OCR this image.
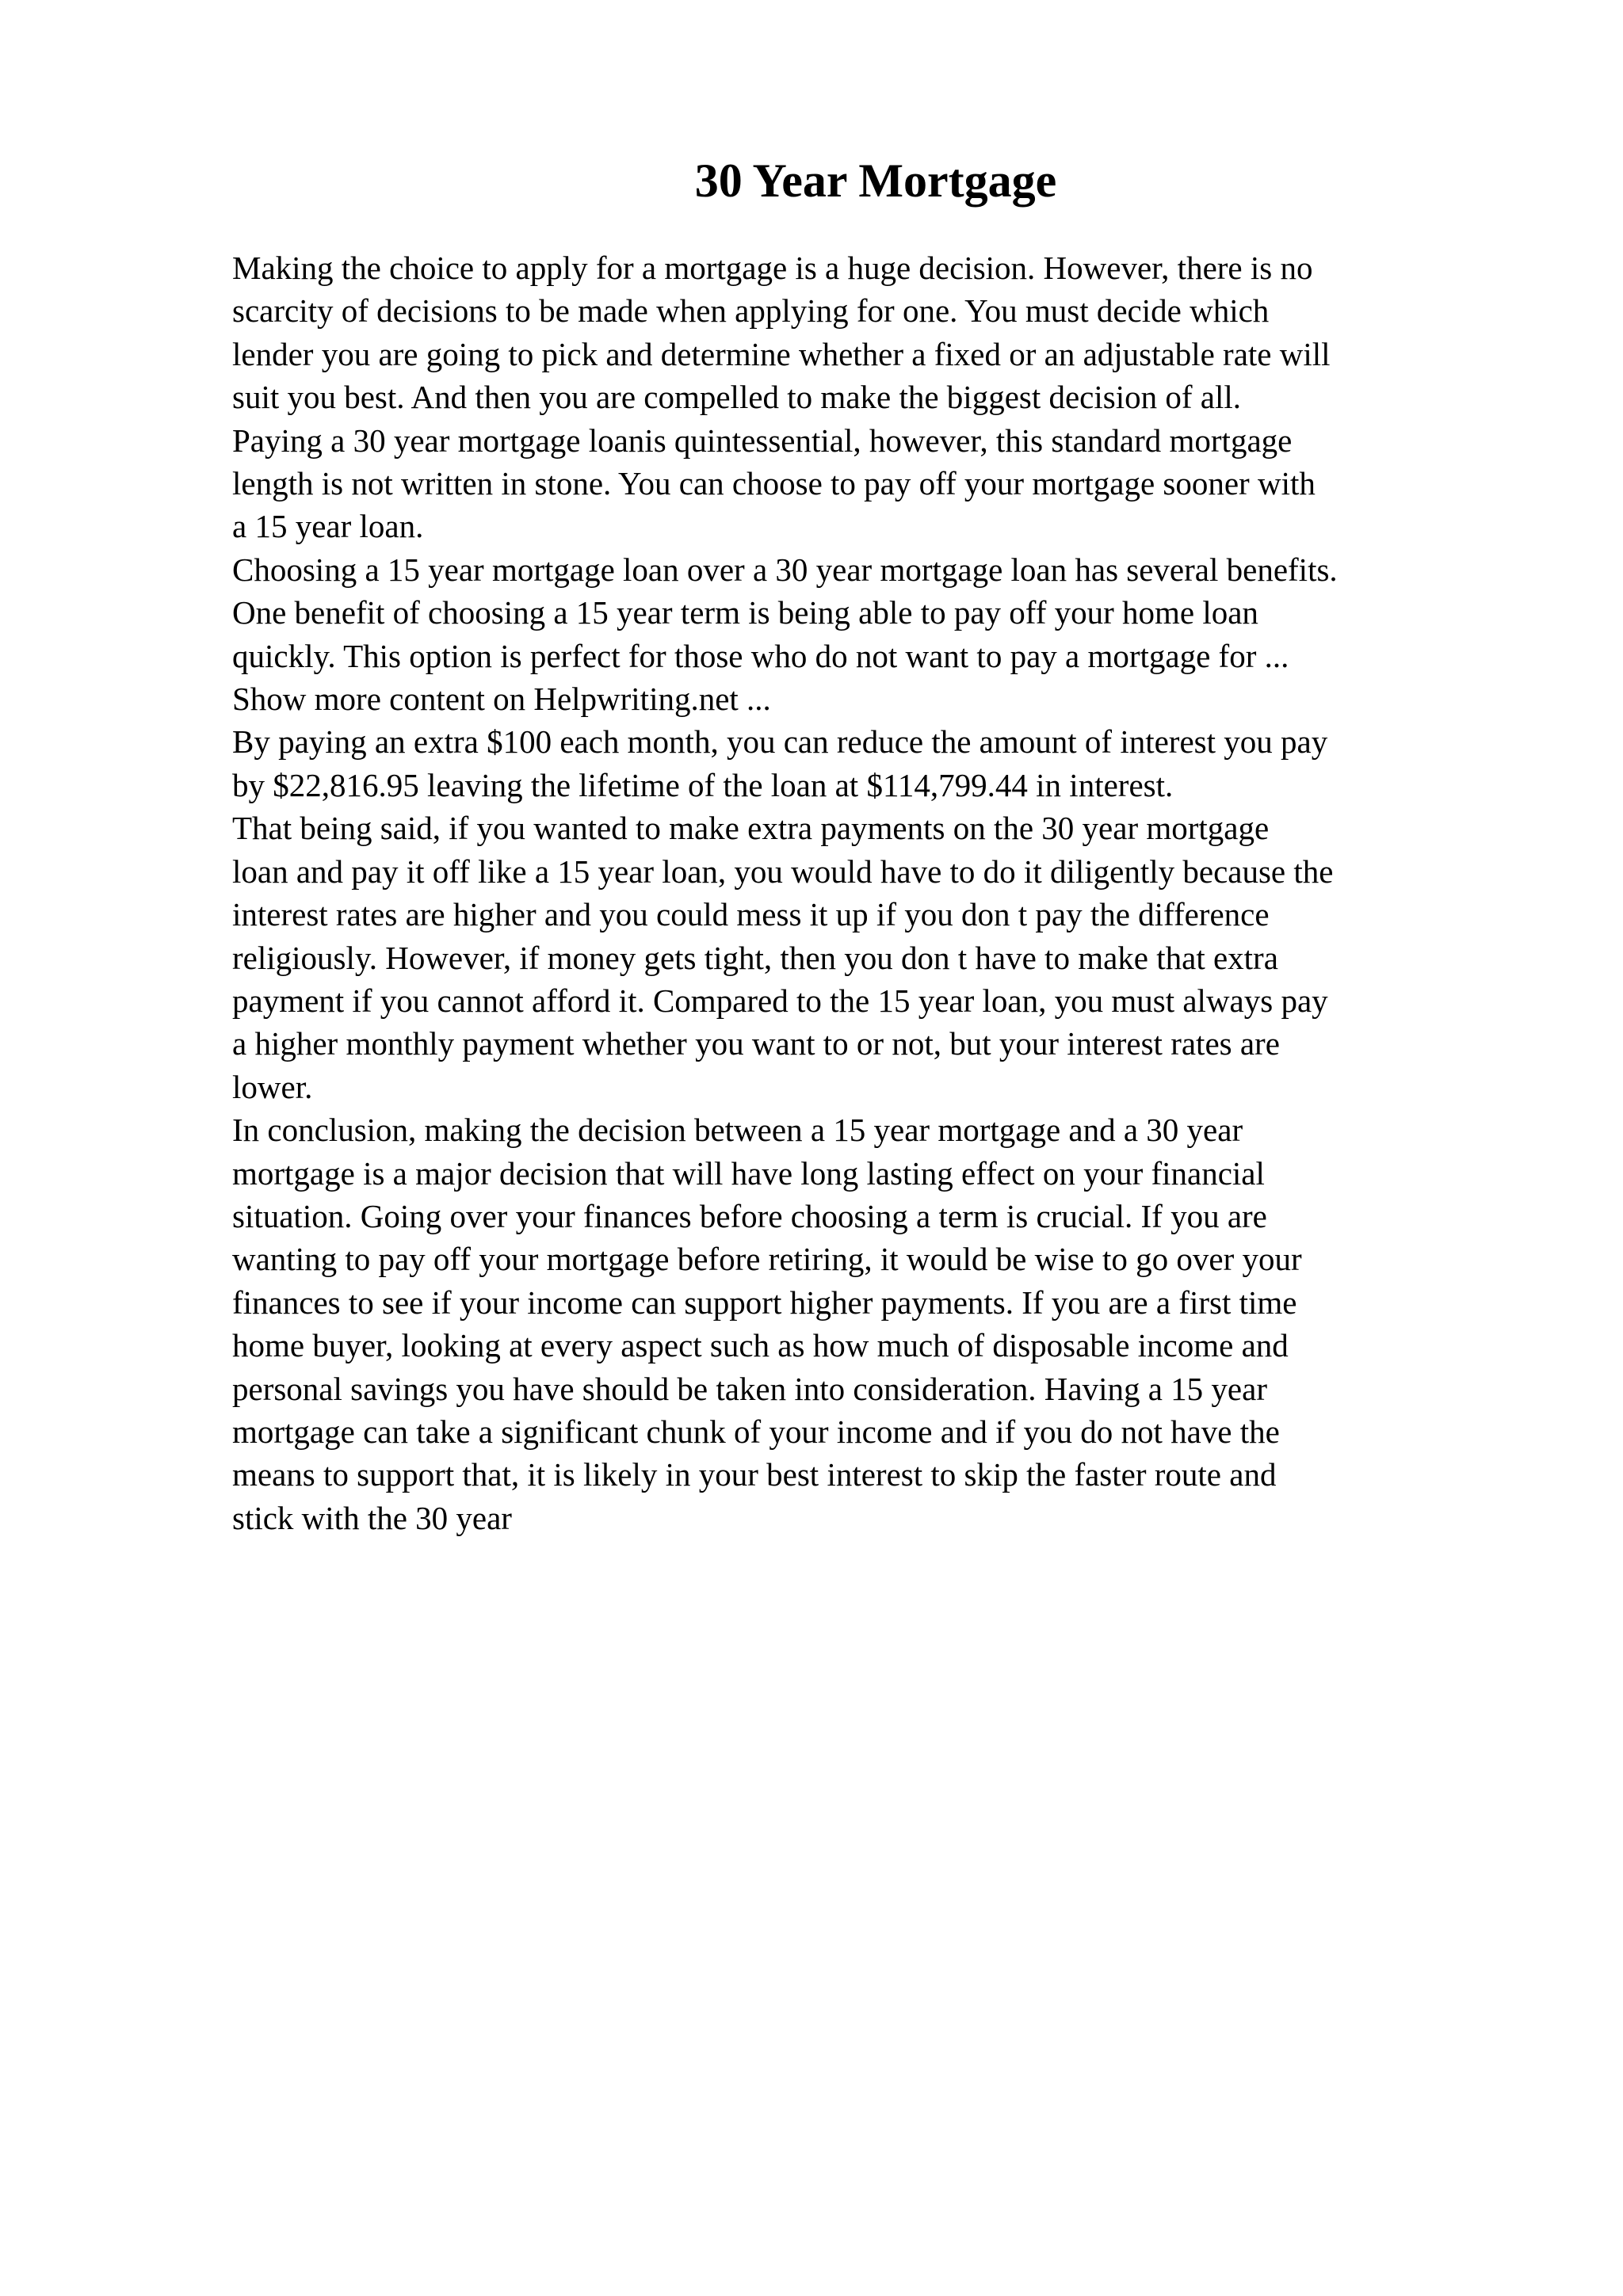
30 Year Mortgage
Making the choice to apply for a mortgage is a huge decision. However, there is no
scarcity of decisions to be made when applying for one. You must decide which
lender you are going to pick and determine whether a fixed or an adjustable rate will
suit you best. And then you are compelled to make the biggest decision of all.
Paying a 30 year mortgage loanis quintessential, however, this standard mortgage
length is not written in stone. You can choose to pay off your mortgage sooner with
a 15 year loan.
Choosing a 15 year mortgage loan over a 30 year mortgage loan has several benefits.
One benefit of choosing a 15 year term is being able to pay off your home loan
quickly. This option is perfect for those who do not want to pay a mortgage for ...
Show more content on Helpwriting.net ...
By paying an extra $100 each month, you can reduce the amount of interest you pay
by $22,816.95 leaving the lifetime of the loan at $114,799.44 in interest.
That being said, if you wanted to make extra payments on the 30 year mortgage
loan and pay it off like a 15 year loan, you would have to do it diligently because the
interest rates are higher and you could mess it up if you don t pay the difference
religiously. However, if money gets tight, then you don t have to make that extra
payment if you cannot afford it. Compared to the 15 year loan, you must always pay
a higher monthly payment whether you want to or not, but your interest rates are
lower.
In conclusion, making the decision between a 15 year mortgage and a 30 year
mortgage is a major decision that will have long lasting effect on your financial
situation. Going over your finances before choosing a term is crucial. If you are
wanting to pay off your mortgage before retiring, it would be wise to go over your
finances to see if your income can support higher payments. If you are a first time
home buyer, looking at every aspect such as how much of disposable income and
personal savings you have should be taken into consideration. Having a 15 year
mortgage can take a significant chunk of your income and if you do not have the
means to support that, it is likely in your best interest to skip the faster route and
stick with the 30 year
